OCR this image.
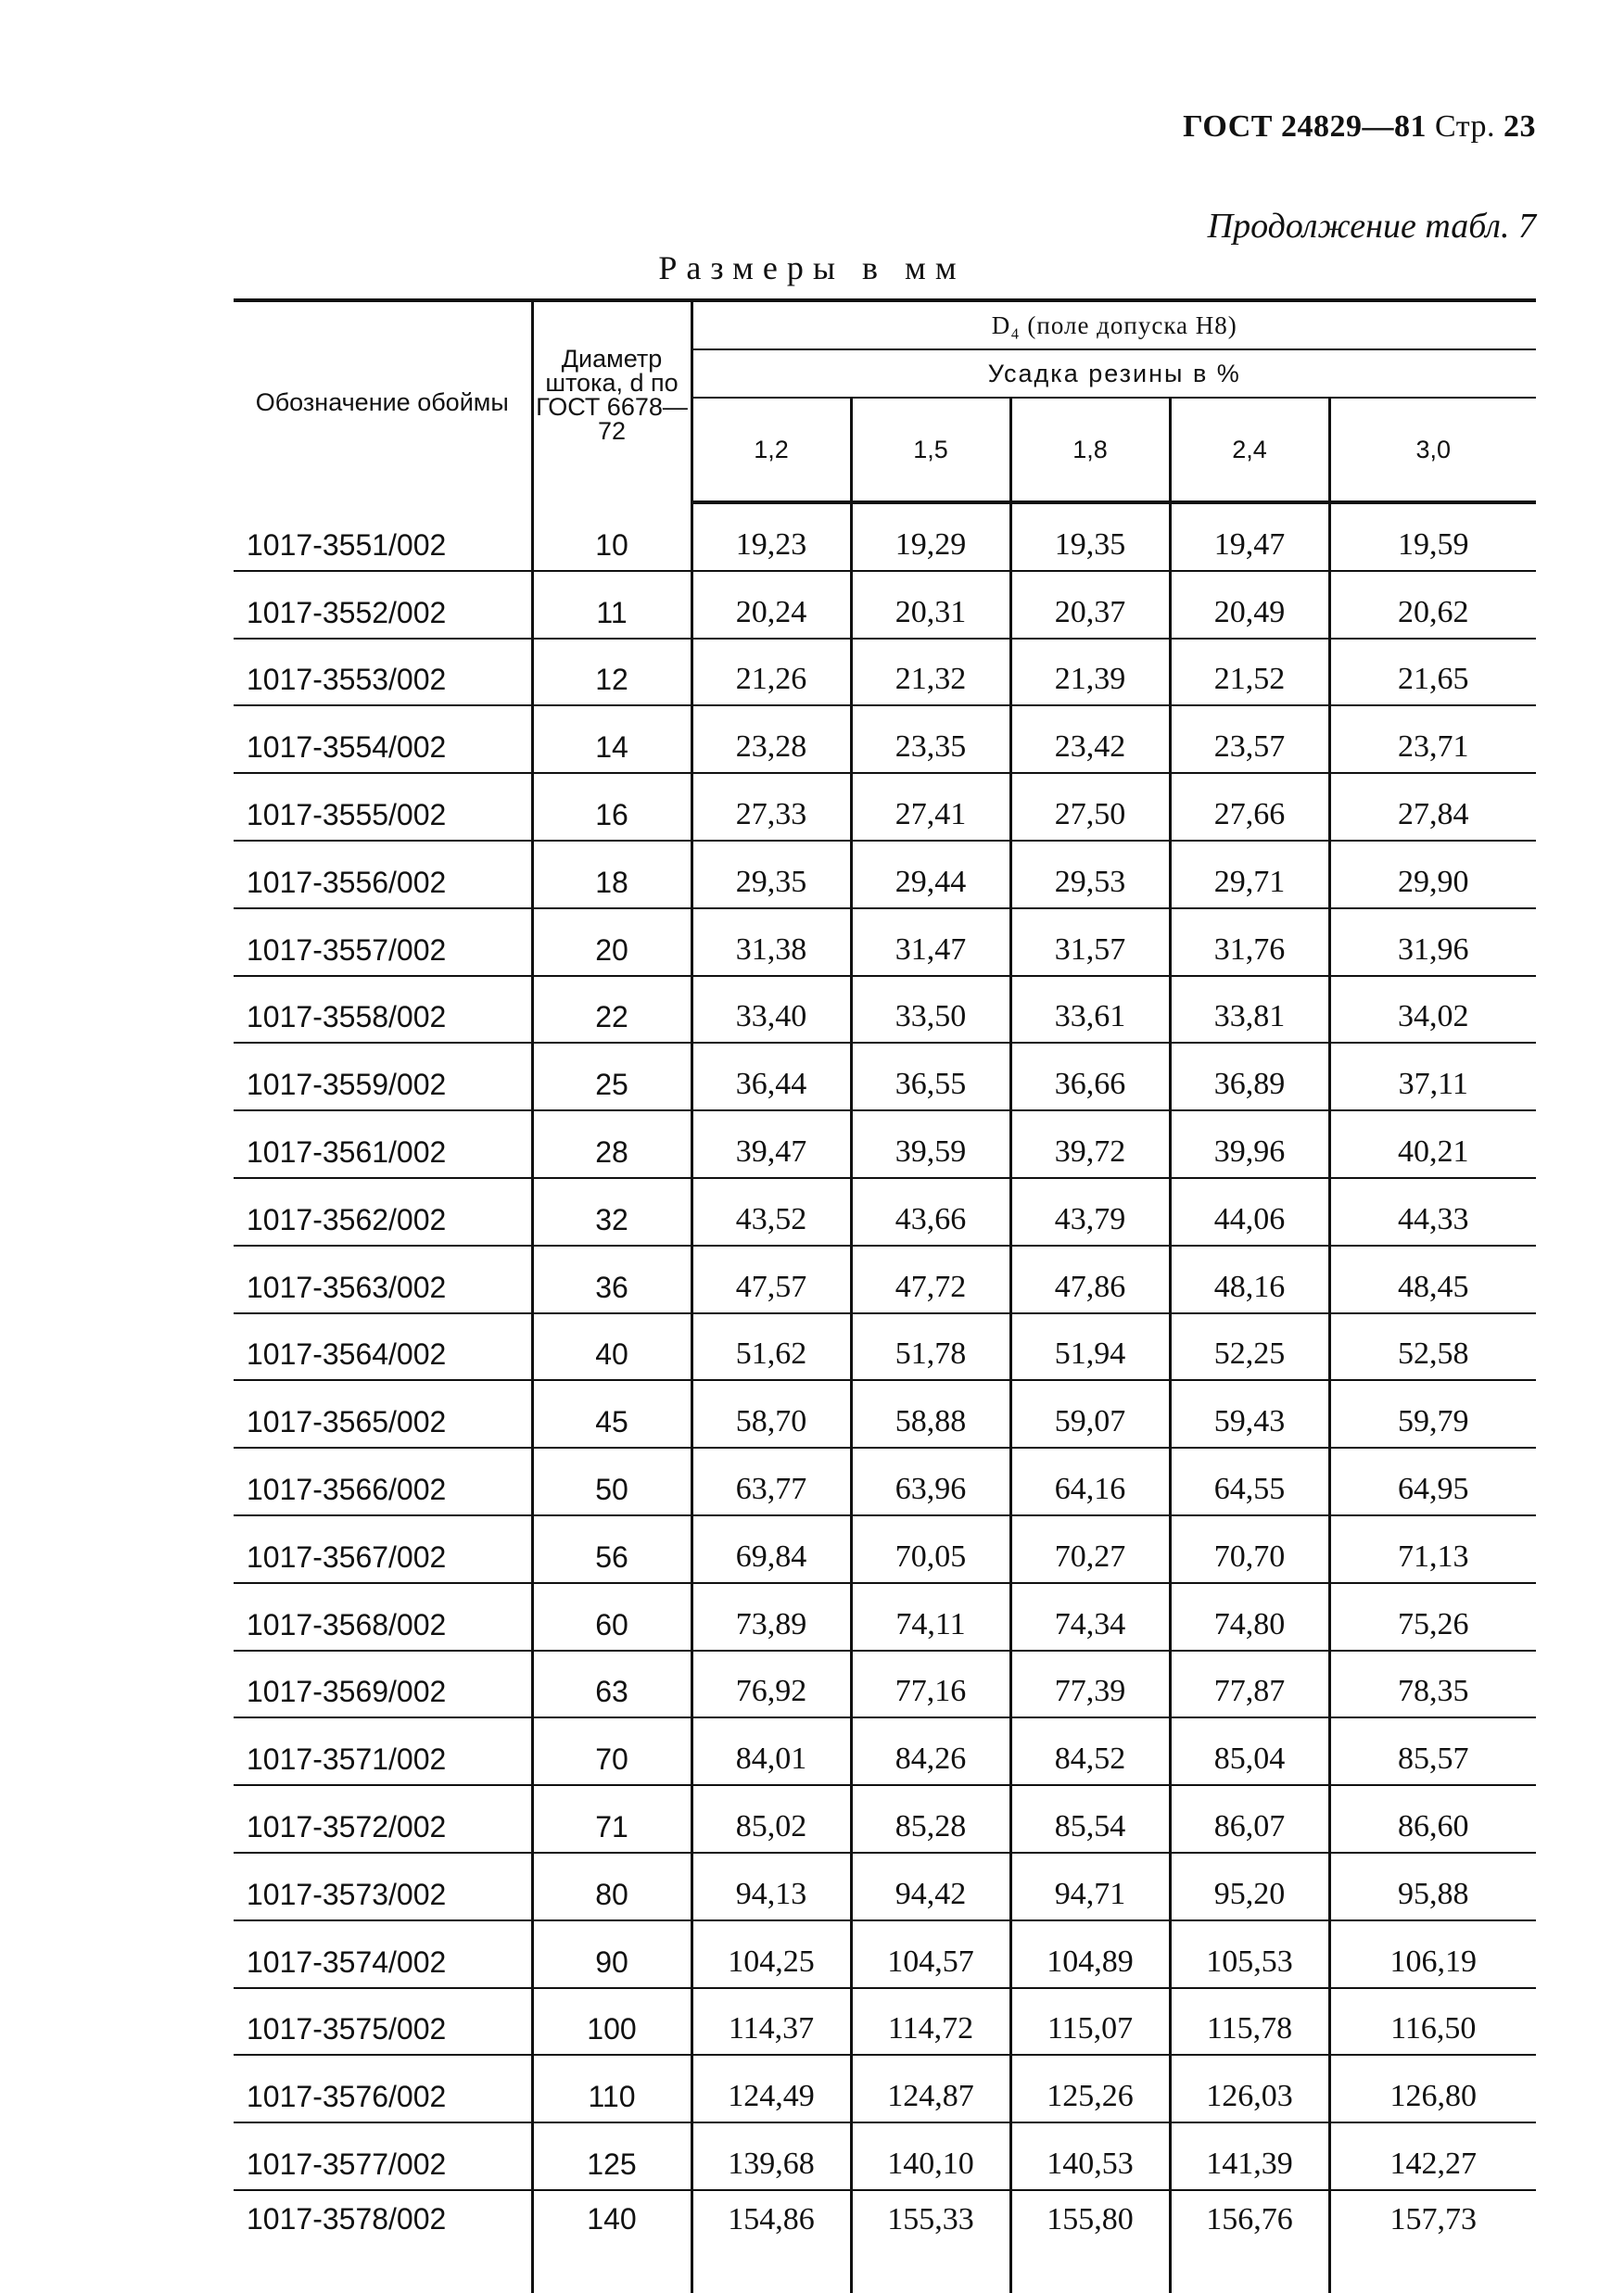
ГОСТ 24829—81 Стр. 23
Продолжение табл. 7
Размеры в мм
Обозначение обоймы	Диаметр штока, d по ГОСТ 6678—72	D₄ (поле допуска H8)				
		Усадка резины в %				
		1,2	1,5	1,8	2,4	3,0
1017-3551/002	10	19,23	19,29	19,35	19,47	19,59
1017-3552/002	11	20,24	20,31	20,37	20,49	20,62
1017-3553/002	12	21,26	21,32	21,39	21,52	21,65
1017-3554/002	14	23,28	23,35	23,42	23,57	23,71
1017-3555/002	16	27,33	27,41	27,50	27,66	27,84
1017-3556/002	18	29,35	29,44	29,53	29,71	29,90
1017-3557/002	20	31,38	31,47	31,57	31,76	31,96
1017-3558/002	22	33,40	33,50	33,61	33,81	34,02
1017-3559/002	25	36,44	36,55	36,66	36,89	37,11
1017-3561/002	28	39,47	39,59	39,72	39,96	40,21
1017-3562/002	32	43,52	43,66	43,79	44,06	44,33
1017-3563/002	36	47,57	47,72	47,86	48,16	48,45
1017-3564/002	40	51,62	51,78	51,94	52,25	52,58
1017-3565/002	45	58,70	58,88	59,07	59,43	59,79
1017-3566/002	50	63,77	63,96	64,16	64,55	64,95
1017-3567/002	56	69,84	70,05	70,27	70,70	71,13
1017-3568/002	60	73,89	74,11	74,34	74,80	75,26
1017-3569/002	63	76,92	77,16	77,39	77,87	78,35
1017-3571/002	70	84,01	84,26	84,52	85,04	85,57
1017-3572/002	71	85,02	85,28	85,54	86,07	86,60
1017-3573/002	80	94,13	94,42	94,71	95,20	95,88
1017-3574/002	90	104,25	104,57	104,89	105,53	106,19
1017-3575/002	100	114,37	114,72	115,07	115,78	116,50
1017-3576/002	110	124,49	124,87	125,26	126,03	126,80
1017-3577/002	125	139,68	140,10	140,53	141,39	142,27
1017-3578/002	140	154,86	155,33	155,80	156,76	157,73
